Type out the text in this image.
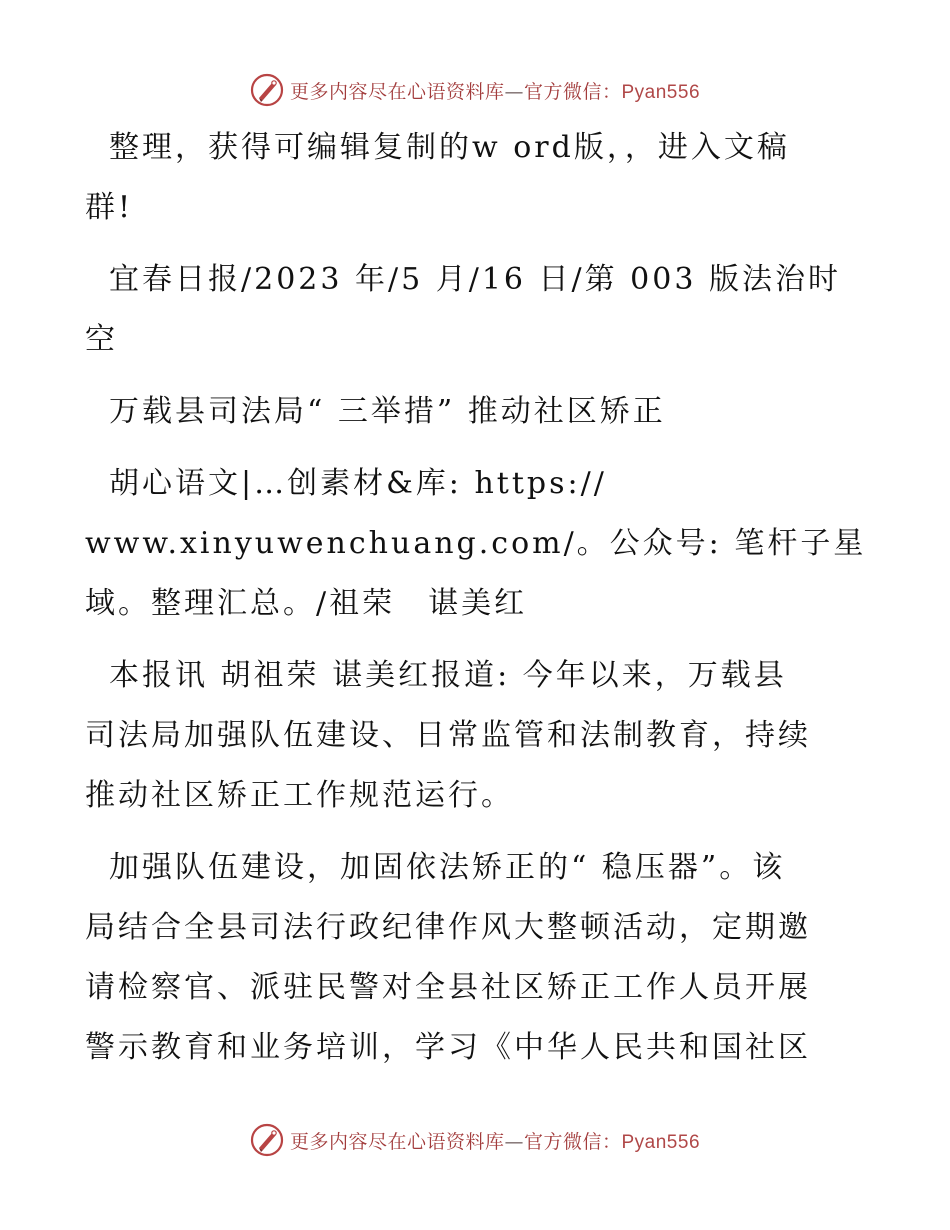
更多内容尽在心语资料库—官方微信：Pyan556

整理，获得可编辑复制的w ord版，，进入文稿
群!

宜春日报/2023 年/5 月/16 日/第 003 版法治时
空

万载县司法局“ 三举措” 推动社区矫正

胡心语文|…创素材&库: https://
www.xinyuwenchuang.com/。公众号: 笔杆子星
域。整理汇总。/祖荣　谌美红

本报讯 胡祖荣 谌美红报道: 今年以来，万载县
司法局加强队伍建设、日常监管和法制教育，持续
推动社区矫正工作规范运行。

加强队伍建设，加固依法矫正的“ 稳压器”。该
局结合全县司法行政纪律作风大整顿活动，定期邀
请检察官、派驻民警对全县社区矫正工作人员开展
警示教育和业务培训，学习《中华人民共和国社区

更多内容尽在心语资料库—官方微信：Pyan556
